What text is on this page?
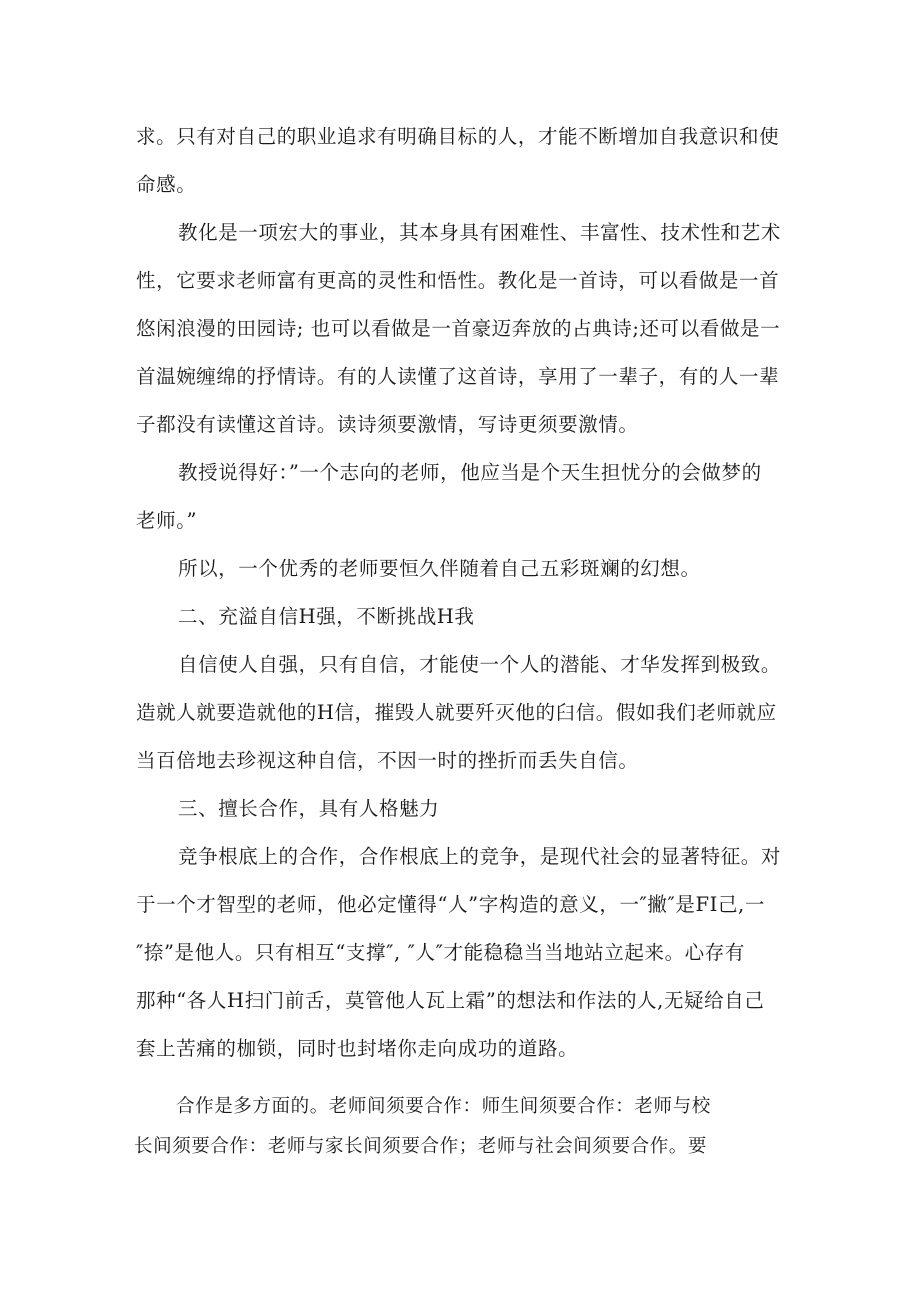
求。只有对自己的职业追求有明确目标的人，才能不断增加自我意识和使
命感。
教化是一项宏大的事业，其本身具有困难性、丰富性、技术性和艺术
性，它要求老师富有更高的灵性和悟性。教化是一首诗，可以看做是一首
悠闲浪漫的田园诗; 也可以看做是一首豪迈奔放的占典诗;还可以看做是一
首温婉缠绵的抒情诗。有的人读懂了这首诗，享用了一辈子，有的人一辈
子都没有读懂这首诗。读诗须要激情，写诗更须要激情。
教授说得好：”一个志向的老师，他应当是个天生担忧分的会做梦的
老师。”
所以，一个优秀的老师要恒久伴随着自己五彩斑斓的幻想。
二、充溢自信H强，不断挑战H我
自信使人自强，只有自信，才能使一个人的潜能、才华发挥到极致。
造就人就要造就他的H信，摧毁人就要歼灭他的臼信。假如我们老师就应
当百倍地去珍视这种自信，不因一时的挫折而丢失自信。
三、擅长合作，具有人格魅力
竞争根底上的合作，合作根底上的竞争，是现代社会的显著特征。对
于一个才智型的老师，他必定懂得“人”字构造的意义，一″撇″是FI己,一
″捺”是他人。只有相互“支撑″, ″人″才能稳稳当当地站立起来。心存有
那种“各人H扫门前舌，莫管他人瓦上霜”的想法和作法的人,无疑给自己
套上苦痛的枷锁，同时也封堵你走向成功的道路。
合作是多方面的。老师间须要合作：师生间须要合作：老师与校
长间须要合作：老师与家长间须要合作；老师与社会间须要合作。要
